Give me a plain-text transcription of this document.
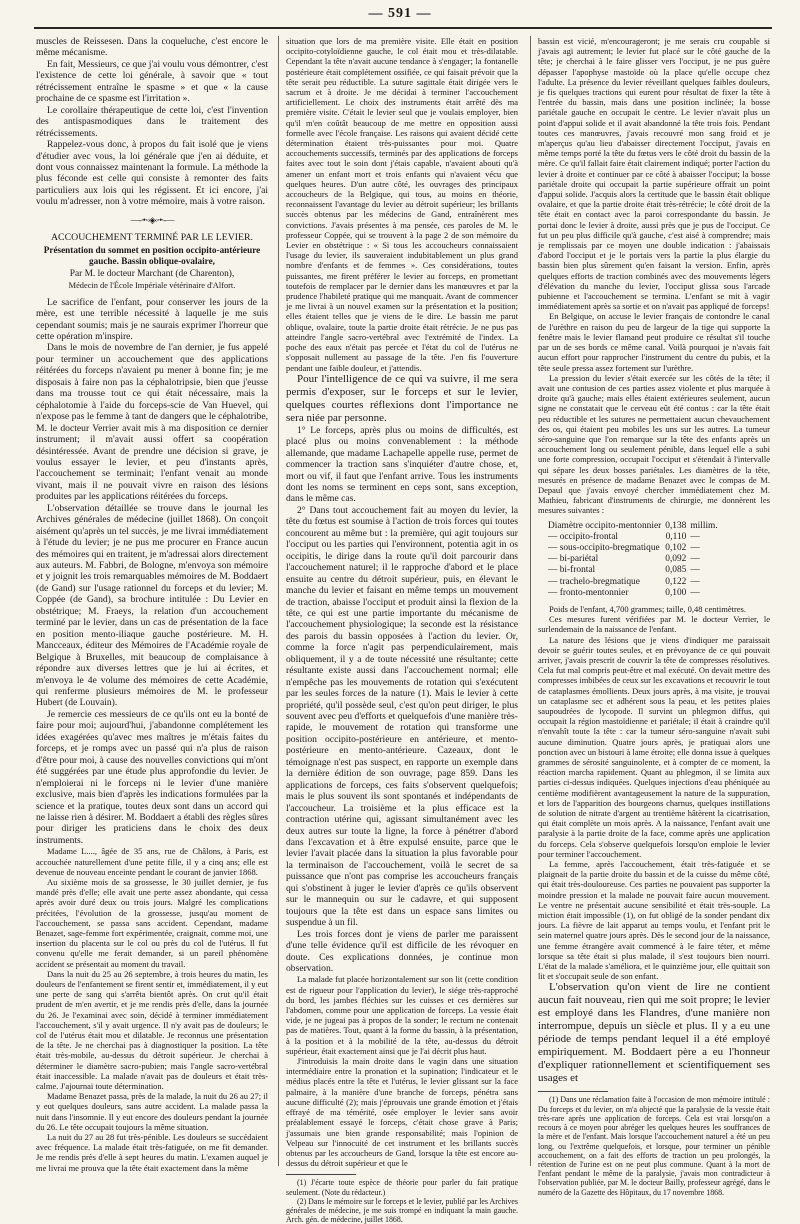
— 591 —

muscles de Reissesen. Dans la coqueluche, c'est encore le même mécanisme.

En fait, Messieurs, ce que j'ai voulu vous démontrer, c'est l'existence de cette loi générale, à savoir que « tout rétrécissement entraîne le spasme » et que « la cause prochaine de ce spasme est l'irritation ».

Le corollaire thérapeutique de cette loi, c'est l'invention des antispasmodiques dans le traitement des rétrécissements.

Rappelez-vous donc, à propos du fait isolé que je viens d'étudier avec vous, la loi générale que j'en ai déduite, et dont vous connaissez maintenant la formule. La méthode la plus féconde est celle qui consiste à remonter des faits particuliers aux lois qui les régissent. Et ici encore, j'ai voulu m'adresser, non à votre mémoire, mais à votre raison.

—-·•·◦◈◦·•·-—
ACCOUCHEMENT TERMINÉ PAR LE LEVIER.
Présentation du sommet en position occipito-antérieure gauche. Bassin oblique-ovalaire,
Par M. le docteur Marchant (de Charenton),
Médecin de l'École Impériale vétérinaire d'Alfort.

Le sacrifice de l'enfant, pour conserver les jours de la mère, est une terrible nécessité à laquelle je me suis cependant soumis; mais je ne saurais exprimer l'horreur que cette opération m'inspire.

Dans le mois de novembre de l'an dernier, je fus appelé pour terminer un accouchement que des applications réitérées du forceps n'avaient pu mener à bonne fin; je me disposais à faire non pas la céphalotripsie, bien que j'eusse dans ma trousse tout ce qui était nécessaire, mais la céphalotomie à l'aide du forceps-scie de Van Huevel, qui n'expose pas le femme à tant de dangers que le céphalotribe, M. le docteur Verrier avait mis à ma disposition ce dernier instrument; il m'avait aussi offert sa coopération désintéressée. Avant de prendre une décision si grave, je voulus essayer le levier, et peu d'instants après, l'accouchement se terminait; l'enfant venait au monde vivant, mais il ne pouvait vivre en raison des lésions produites par les applications réitérées du forceps.

L'observation détaillée se trouve dans le journal les Archives générales de médecine (juillet 1868). On conçoit aisément qu'après un tel succès, je me livrai immédiatement à l'étude du levier; je ne pus me procurer en France aucun des mémoires qui en traitent, je m'adressai alors directement aux auteurs. M. Fabbri, de Bologne, m'envoya son mémoire et y joignit les trois remarquables mémoires de M. Boddaert (de Gand) sur l'usage rationnel du forceps et du levier; M. Coppée (de Gand), sa brochure intitulée : Du Levier en obstétrique; M. Fraeys, la relation d'un accouchement terminé par le levier, dans un cas de présentation de la face en position mento-iliaque gauche postérieure. M. H. Mancceaux, éditeur des Mémoires de l'Académie royale de Belgique à Bruxelles, mit beaucoup de complaisance à répondre aux diverses lettres que je lui ai écrites, et m'envoya le 4e volume des mémoires de cette Académie, qui renferme plusieurs mémoires de M. le professeur Hubert (de Louvain).

Je remercie ces messieurs de ce qu'ils ont eu la bonté de faire pour moi; aujourd'hui, j'abandonne complétement les idées exagérées qu'avec mes maîtres je m'étais faites du forceps, et je romps avec un passé qui n'a plus de raison d'être pour moi, à cause des nouvelles convictions qui m'ont été suggérées par une étude plus approfondie du levier. Je n'emploierai ni le forceps ni le levier d'une manière exclusive, mais bien d'après les indications formulées par la science et la pratique, toutes deux sont dans un accord qui ne laisse rien à désirer. M. Boddaert a établi des règles sûres pour diriger les praticiens dans le choix des deux instruments.

Madame L...., âgée de 35 ans, rue de Châlons, à Paris, est accouchée naturellement d'une petite fille, il y a cinq ans; elle est devenue de nouveau enceinte pendant le courant de janvier 1868.

Au sixième mois de sa grossesse, le 30 juillet dernier, je fus mandé près d'elle; elle avait une perte assez abondante, qui cessa après avoir duré deux ou trois jours. Malgré les complications précitées, l'évolution de la grossesse, jusqu'au moment de l'accouchement, se passa sans accident. Cependant, madame Benazet, sage-femme fort expérimentée, craignait, comme moi, une insertion du placenta sur le col ou près du col de l'utérus. Il fut convenu qu'elle me ferait demander, si un pareil phénomène accident se présentait au moment du travail.

Dans la nuit du 25 au 26 septembre, à trois heures du matin, les douleurs de l'enfantement se firent sentir et, immédiatement, il y eut une perte de sang qui s'arrêta bientôt après. On crut qu'il était prudent de m'en avertir, et je me rendis près d'elle, dans la journée du 26. Je l'examinai avec soin, décidé à terminer immédiatement l'accouchement, s'il y avait urgence. Il n'y avait pas de douleurs; le col de l'utérus était mou et dilatable. Je reconnus une présentation de la tête. Je ne cherchai pas à diagnostiquer la position. La tête était très-mobile, au-dessus du détroit supérieur. Je cherchai à déterminer le diamètre sacro-pubien; mais l'angle sacro-vertébral était inaccessible. La malade n'avait pas de douleurs et était très-calme. J'ajournai toute détermination.

Madame Benazet passa, près de la malade, la nuit du 26 au 27; il y eut quelques douleurs, sans autre accident. La malade passa la nuit dans l'insomnie. Il y eut encore des douleurs pendant la journée du 26. Le tête occupait toujours la même situation.

La nuit du 27 au 28 fut très-pénible. Les douleurs se succédaient avec fréquence. La malade était très-fatiguée, on me fit demander. Je me rendis près d'elle à sept heures du matin. L'examen auquel je me livrai me prouva que la tête était exactement dans la même

situation que lors de ma première visite. Elle était en position occipito-cotyloïdienne gauche, le col était mou et très-dilatable. Cependant la tête n'avait aucune tendance à s'engager; la fontanelle postérieure était complétement ossifiée, ce qui faisait prévoir que la tête serait peu réductible. La suture sagittale était dirigée vers le sacrum et à droite. Je me décidai à terminer l'accouchement artificiellement. Le choix des instruments était arrêté dès ma première visite. C'était le levier seul que je voulais employer, bien qu'il m'en coûtât beaucoup de me mettre en opposition aussi formelle avec l'école française. Les raisons qui avaient décidé cette détermination étaient très-puissantes pour moi. Quatre accouchements successifs, terminés par des applications de forceps faites avec tout le soin dont j'étais capable, n'avaient abouti qu'à amener un enfant mort et trois enfants qui n'avaient vécu que quelques heures. D'un autre côté, les ouvrages des principaux accoucheurs de la Belgique, qui tous, au moins en théorie, reconnaissent l'avantage du levier au détroit supérieur; les brillants succès obtenus par les médecins de Gand, entraînèrent mes convictions. J'avais présentes à ma pensée, ces paroles de M. le professeur Coppée, qui se trouvent à la page 2 de son mémoire du Levier en obstétrique : « Si tous les accoucheurs connaissaient l'usage du levier, ils sauveraient indubitablement un plus grand nombre d'enfants et de femmes ». Ces considérations, toutes puissantes, me firent préférer le levier au forceps, en promettant toutefois de remplacer par le dernier dans les manœuvres et par la prudence l'habileté pratique qui me manquait. Avant de commencer je me livrai à un nouvel examen sur la présentation et la position; elles étaient telles que je viens de le dire. Le bassin me parut oblique, ovalaire, toute la partie droite était rétrécie. Je ne pus pas atteindre l'angle sacro-vertébral avec l'extrémité de l'index. La poche des eaux n'était pas percée et l'état du col de l'utérus ne s'opposait nullement au passage de la tête. J'en fis l'ouverture pendant une faible douleur, et j'attendis.

Pour l'intelligence de ce qui va suivre, il me sera permis d'exposer, sur le forceps et sur le levier, quelques courtes réflexions dont l'importance ne sera niée par personne.

1° Le forceps, après plus ou moins de difficultés, est placé plus ou moins convenablement : la méthode allemande, que madame Lachapelle appelle ruse, permet de commencer la traction sans s'inquiéter d'autre chose, et, mort ou vif, il faut que l'enfant arrive. Tous les instruments dont les noms se terminent en ceps sont, sans exception, dans le même cas.

2° Dans tout accouchement fait au moyen du levier, la tête du fœtus est soumise à l'action de trois forces qui toutes concourent au même but : la première, qui agit toujours sur l'occiput ou les parties qui l'environnent, potentia agit in os occipitis, le dirige dans la route qu'il doit parcourir dans l'accouchement naturel; il le rapproche d'abord et le place ensuite au centre du détroit supérieur, puis, en élevant le manche du levier et faisant en même temps un mouvement de traction, abaisse l'occiput et produit ainsi la flexion de la tête, ce qui est une partie importante du mécanisme de l'accouchement physiologique; la seconde est la résistance des parois du bassin opposées à l'action du levier. Or, comme la force n'agit pas perpendiculairement, mais obliquement, il y a de toute nécessité une résultante; cette résultante existe aussi dans l'accouchement normal; elle n'empêche pas les mouvements de rotation qui s'exécutent par les seules forces de la nature (1). Mais le levier à cette propriété, qu'il possède seul, c'est qu'on peut diriger, le plus souvent avec peu d'efforts et quelquefois d'une manière très-rapide, le mouvement de rotation qui transforme une position occipito-postérieure en antérieure, et mento-postérieure en mento-antérieure. Cazeaux, dont le témoignage n'est pas suspect, en rapporte un exemple dans la dernière édition de son ouvrage, page 859. Dans les applications de forceps, ces faits s'observent quelquefois; mais le plus souvent ils sont spontanés et indépendants de l'accoucheur. La troisième et la plus efficace est la contraction utérine qui, agissant simultanément avec les deux autres sur toute la ligne, la force à pénétrer d'abord dans l'excavation et à être expulsé ensuite, parce que le levier l'avait placée dans la situation la plus favorable pour la terminaison de l'accouchement, voilà le secret de sa puissance que n'ont pas comprise les accoucheurs français qui s'obstinent à juger le levier d'après ce qu'ils observent sur le mannequin ou sur le cadavre, et qui supposent toujours que la tête est dans un espace sans limites ou suspendue à un fil.

Les trois forces dont je viens de parler me paraissent d'une telle évidence qu'il est difficile de les révoquer en doute. Ces explications données, je continue mon observation.

La malade fut placée horizontalement sur son lit (cette condition est de rigueur pour l'application du levier), le siége très-rapproché du bord, les jambes fléchies sur les cuisses et ces dernières sur l'abdomen, comme pour une application de forceps. La vessie était vide, je ne jugeai pas à propos de la sonder; le rectum ne contenait pas de matières. Tout, quant à la forme du bassin, à la présentation, à la position et à la mobilité de la tête, au-dessus du détroit supérieur, était exactement ainsi que je l'ai décrit plus haut.

J'introduisis la main droite dans le vagin dans une situation intermédiaire entre la pronation et la supination; l'indicateur et le médius placés entre la tête et l'utérus, le levier glissant sur la face palmaire, à la manière d'une branche de forceps, pénétra sans aucune difficulté (2); mais j'éprouvais une grande émotion et j'étais effrayé de ma témérité, osée employer le levier sans avoir préalablement essayé le forceps, c'était chose grave à Paris; j'assumais une bien grande responsabilité; mais l'opinion de Velpeau sur l'innocuité de cet instrument et les brillants succès obtenus par les accoucheurs de Gand, lorsque la tête est encore au-dessus du détroit supérieur et que le

(1) J'écarte toute espèce de théorie pour parler du fait pratique seulement. (Note du rédacteur.)

(2) Dans le mémoire sur le forceps et le levier, publié par les Archives générales de médecine, je me suis trompé en indiquant la main gauche. Arch. gén. de médecine, juillet 1868.

bassin est vicié, m'encourageront; je me serais cru coupable si j'avais agi autrement; le levier fut placé sur le côté gauche de la tête; je cherchai à le faire glisser vers l'occiput, je ne pus guère dépasser l'apophyse mastoïde où la place qu'elle occupe chez l'adulte. La présence du levier réveillant quelques faibles douleurs, je fis quelques tractions qui eurent pour résultat de fixer la tête à l'entrée du bassin, mais dans une position inclinée; la bosse pariétale gauche en occupait le centre. Le levier n'avait plus un point d'appui solide et il avait abandonné la tête trois fois. Pendant toutes ces manœuvres, j'avais recouvré mon sang froid et je m'aperçus qu'au lieu d'abaisser directement l'occiput, j'avais en même temps porté la tête du fœtus vers le côté droit du bassin de la mère. Ce qu'il fallait faire était clairement indiqué; porter l'action du levier à droite et continuer par ce côté à abaisser l'occiput; la bosse pariétale droite qui occupait la partie supérieure offrait un point d'appui solide. J'acquis alors la certitude que le bassin était oblique ovalaire, et que la partie droite était très-rétrécie; le côté droit de la tête était en contact avec la paroi correspondante du bassin. Je portai donc le levier à droite, aussi près que je pus de l'occiput. Ce fut un peu plus difficile qu'à gauche, c'est aisé à comprendre; mais je remplissais par ce moyen une double indication : j'abaissais d'abord l'occiput et je le portais vers la partie la plus élargie du bassin bien plus sûrement qu'en faisant la version. Enfin, après quelques efforts de traction combinés avec des mouvements légers d'élévation du manche du levier, l'occiput glissa sous l'arcade pubienne et l'accouchement se termina. L'enfant se mit à vagir immédiatement après sa sortie et on n'avait pas appliqué de forceps!

En Belgique, on accuse le levier français de contondre le canal de l'urèthre en raison du peu de largeur de la tige qui supporte la fenêtre mais le levier flamand peut produire ce résultat s'il touche par un de ses bords ce même canal. Voilà pourquoi je n'avais fait aucun effort pour rapprocher l'instrument du centre du pubis, et la tête seule pressa assez fortement sur l'urèthre.

La pression du levier s'était exercée sur les côtés de la tête; il avait une contusion de ces parties assez violente et plus marquée à droite qu'à gauche; mais elles étaient extérieures seulement, aucun signe ne constatait que le cerveau eût été contus : car la tête était peu réductible et les sutures ne permettaient aucun chevauchement des os, qui étaient peu mobiles les uns sur les autres. La tumeur séro-sanguine que l'on remarque sur la tête des enfants après un accouchement long ou seulement pénible, dans lequel elle a subi une forte compression, occupait l'occiput et s'étendait à l'intervalle qui sépare les deux bosses pariétales. Les diamètres de la tête, mesurés en présence de madame Benazet avec le compas de M. Depaul que j'avais envoyé chercher immédiatement chez M. Mathieu, fabricant d'instruments de chirurgie, me donnèrent les mesures suivantes :

Diamètre occipito-mentonnier	0,138	millim.
— occipito-frontal	0,110	—
— sous-occipito-bregmatique	0,102	—
— bi-pariétal	0,092	—
— bi-frontal	0,085	—
— trachelo-bregmatique	0,122	—
— fronto-mentonnier	0,100	—

Poids de l'enfant, 4,700 grammes; taille, 0,48 centimètres.

Ces mesures furent vérifiées par M. le docteur Verrier, le surlendemain de la naissance de l'enfant.

La nature des lésions que je viens d'indiquer me paraissait devoir se guérir toutes seules, et en prévoyance de ce qui pouvait arriver, j'avais prescrit de couvrir la tête de compresses résolutives. Cela fut mal compris peut-être et mal exécuté. On devait mettre des compresses imbibées de ceux sur les excavations et recouvrir le tout de cataplasmes émollients. Deux jours après, à ma visite, je trouvai un cataplasme sec et adhérent sous la peau, et les petites plaies saupoudrées de lycopode. Il survint un phlegmon diffus, qui occupait la région mastoïdienne et pariétale; il était à craindre qu'il n'envahît toute la tête : car la tumeur séro-sanguine n'avait subi aucune diminution. Quatre jours après, je pratiquai alors une ponction avec un bistouri à lame étroite; elle donna issue à quelques grammes de sérosité sanguinolente, et à compter de ce moment, la réaction marcha rapidement. Quant au phlegmon, il se limita aux parties ci-dessus indiquées. Quelques injections d'eau phéniquée au centième modifièrent avantageusement la nature de la suppuration, et lors de l'apparition des bourgeons charnus, quelques instillations de solution de nitrate d'argent au trentième hâtèrent la cicatrisation, qui était complète un mois après. A la naissance, l'enfant avait une paralysie à la partie droite de la face, comme après une application du forceps. Cela s'observe quelquefois lorsqu'on emploie le levier pour terminer l'accouchement.

La femme, après l'accouchement, était très-fatiguée et se plaignait de la partie droite du bassin et de la cuisse du même côté, qui était très-douloureuse. Ces parties ne pouvaient pas supporter la moindre pression et la malade ne pouvait faire aucun mouvement. Le ventre ne présentait aucune sensibilité et était très-souple. La miction était impossible (1), on fut obligé de la sonder pendant dix jours. La fièvre de lait apparut au temps voulu, et l'enfant prit le sein maternel quatre jours après. Dès le second jour de la naissance, une femme étrangère avait commencé à le faire téter, et même lorsque sa tête était si plus malade, il s'est toujours bien nourri. L'état de la malade s'améliora, et le quinzième jour, elle quittait son lit et s'occupait seule de son enfant.

L'observation qu'on vient de lire ne contient aucun fait nouveau, rien qui me soit propre; le levier est employé dans les Flandres, d'une manière non interrompue, depuis un siècle et plus. Il y a eu une période de temps pendant lequel il a été employé empiriquement. M. Boddaert père a eu l'honneur d'expliquer rationnellement et scientifiquement ses usages et

(1) Dans une réclamation faite à l'occasion de mon mémoire intitulé : Du forceps et du levier, on m'a objecté que la paralysie de la vessie était très-rare après une application de forceps. Cela est vrai lorsqu'on a recours à ce moyen pour abréger les quelques heures les souffrances de la mère et de l'enfant. Mais lorsque l'accouchement naturel a été un peu long, ou l'extrême quelquefois, et lorsque, pour terminer un pénible accouchement, on a fait des efforts de traction un peu prolongés, la rétention de l'urine est on ne peut plus commune. Quant à la mort de l'enfant pendant le même de la paralysie, j'avais mon contradicteur à l'observation publiée, par M. le docteur Bailly, professeur agrégé, dans le numéro de la Gazette des Hôpitaux, du 17 novembre 1868.
